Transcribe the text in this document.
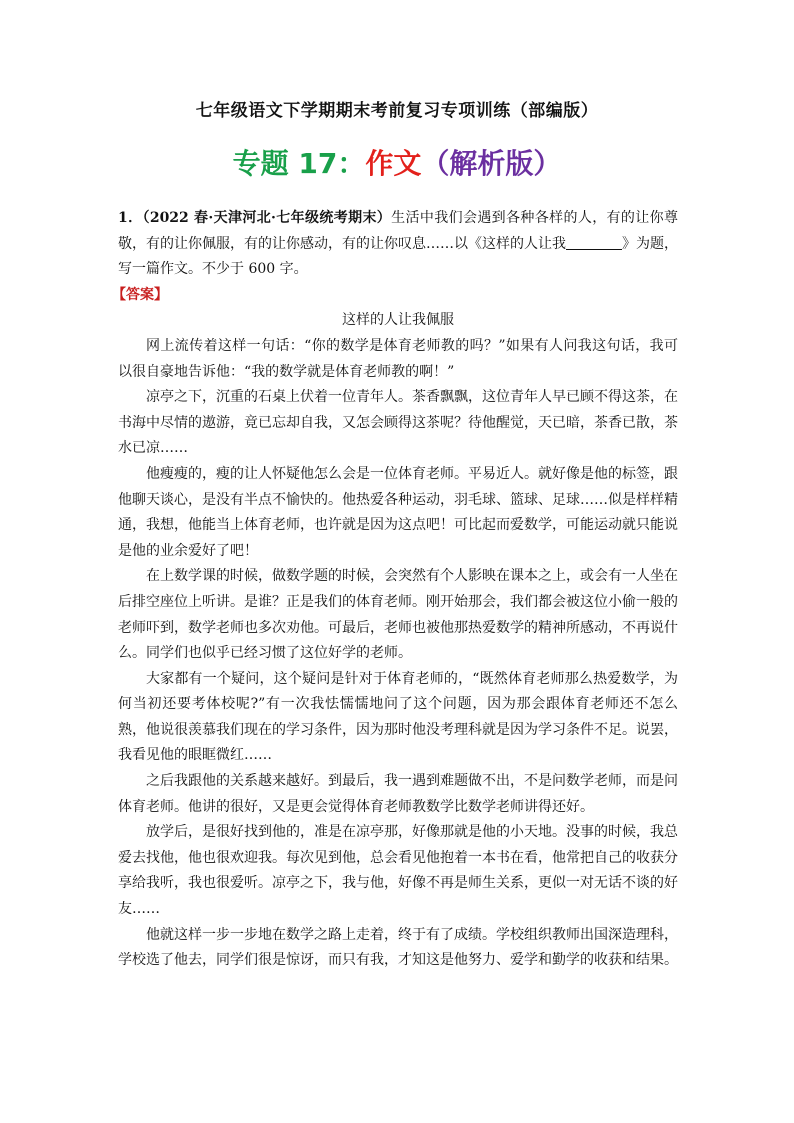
七年级语文下学期期末考前复习专项训练（部编版）
专题 17：作文（解析版）

1．（2022 春·天津河北·七年级统考期末）生活中我们会遇到各种各样的人，有的让你尊敬，有的让你佩服，有的让你感动，有的让你叹息……以《这样的人让我	》为题，写一篇作文。不少于 600 字。

【答案】

这样的人让我佩服

网上流传着这样一句话：“你的数学是体育老师教的吗？”如果有人问我这句话，我可以很自豪地告诉他：“我的数学就是体育老师教的啊！”

凉亭之下，沉重的石桌上伏着一位青年人。茶香飘飘，这位青年人早已顾不得这茶，在书海中尽情的遨游，竟已忘却自我，又怎会顾得这茶呢？待他醒觉，天已暗，茶香已散，茶水已凉……

他瘦瘦的，瘦的让人怀疑他怎么会是一位体育老师。平易近人。就好像是他的标签，跟他聊天谈心，是没有半点不愉快的。他热爱各种运动，羽毛球、篮球、足球……似是样样精通，我想，他能当上体育老师，也许就是因为这点吧！可比起而爱数学，可能运动就只能说是他的业余爱好了吧！

在上数学课的时候，做数学题的时候，会突然有个人影映在课本之上，或会有一人坐在后排空座位上听讲。是谁？正是我们的体育老师。刚开始那会，我们都会被这位小偷一般的老师吓到，数学老师也多次劝他。可最后，老师也被他那热爱数学的精神所感动，不再说什么。同学们也似乎已经习惯了这位好学的老师。

大家都有一个疑问，这个疑问是针对于体育老师的，“既然体育老师那么热爱数学，为何当初还要考体校呢?”有一次我怯懦懦地问了这个问题，因为那会跟体育老师还不怎么熟，他说很羡慕我们现在的学习条件，因为那时他没考理科就是因为学习条件不足。说罢，我看见他的眼眶微红……

之后我跟他的关系越来越好。到最后，我一遇到难题做不出，不是问数学老师，而是问体育老师。他讲的很好，又是更会觉得体育老师教数学比数学老师讲得还好。

放学后，是很好找到他的，准是在凉亭那，好像那就是他的小天地。没事的时候，我总爱去找他，他也很欢迎我。每次见到他，总会看见他抱着一本书在看，他常把自己的收获分享给我听，我也很爱听。凉亭之下，我与他，好像不再是师生关系，更似一对无话不谈的好友……

他就这样一步一步地在数学之路上走着，终于有了成绩。学校组织教师出国深造理科，学校选了他去，同学们很是惊讶，而只有我，才知这是他努力、爱学和勤学的收获和结果。
